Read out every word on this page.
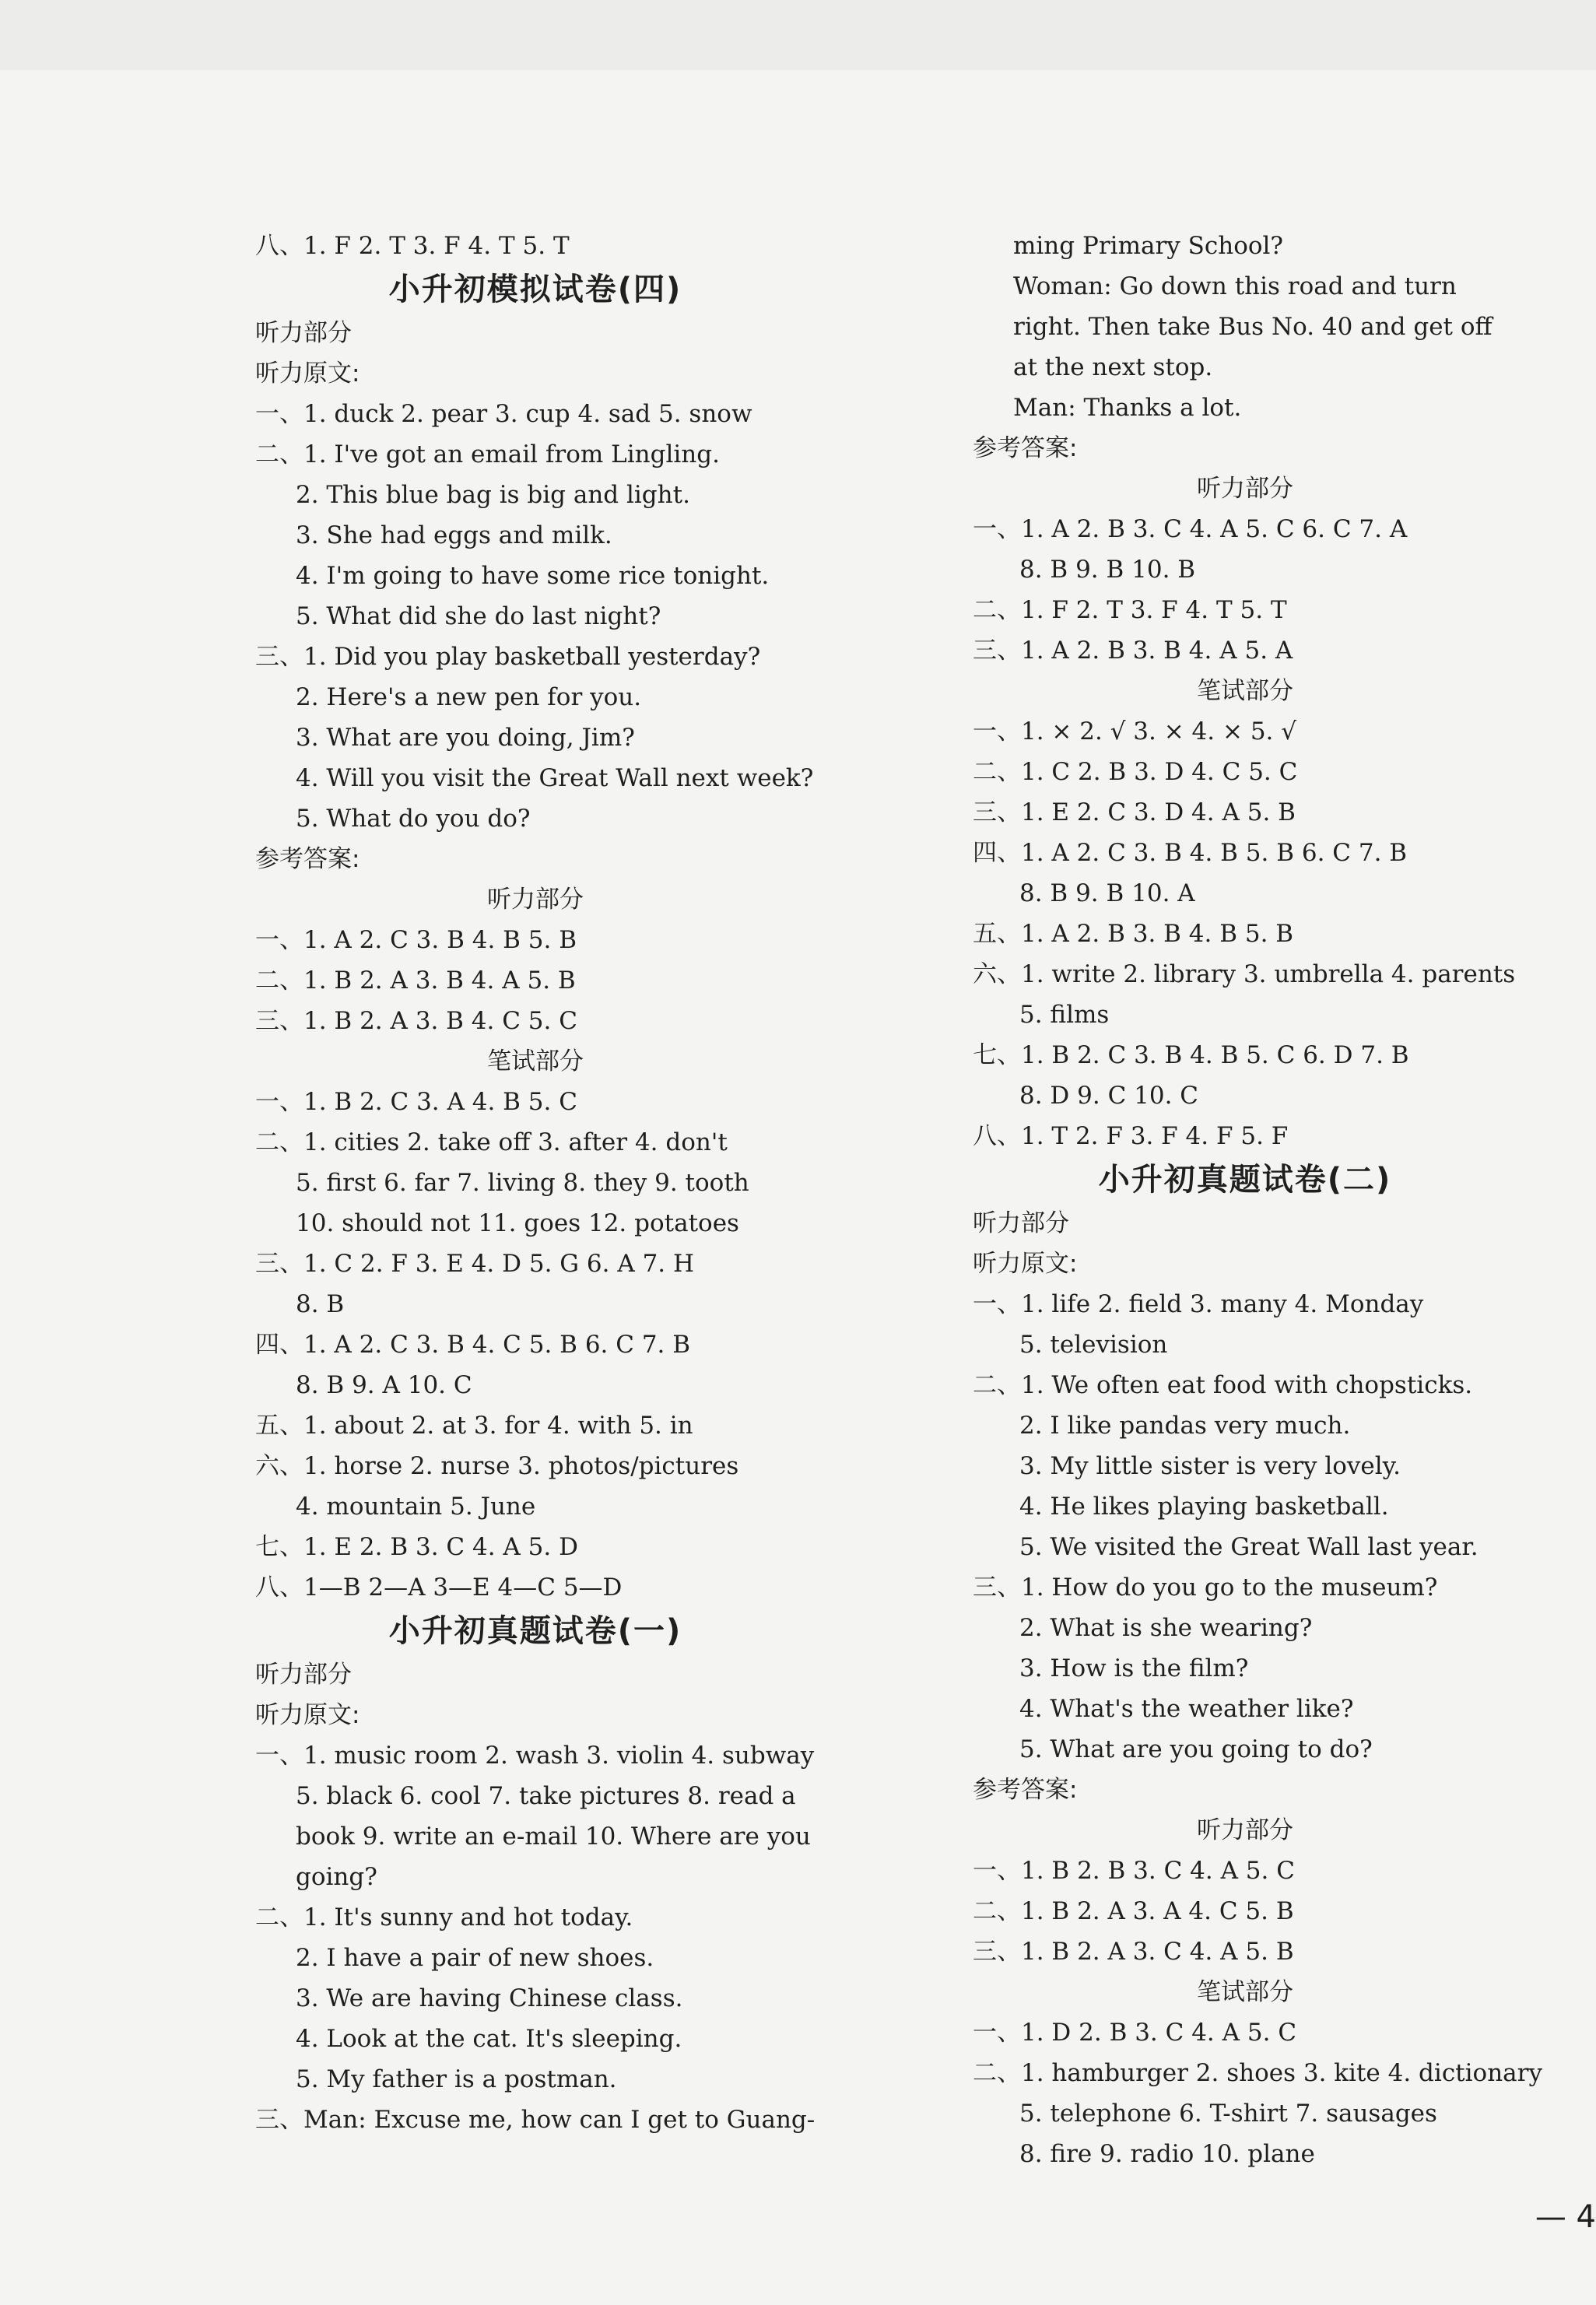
八、1. F 2. T 3. F 4. T 5. T
小升初模拟试卷(四)
听力部分
听力原文:
一、1. duck 2. pear 3. cup 4. sad 5. snow
二、1. I've got an email from Lingling.
2. This blue bag is big and light.
3. She had eggs and milk.
4. I'm going to have some rice tonight.
5. What did she do last night?
三、1. Did you play basketball yesterday?
2. Here's a new pen for you.
3. What are you doing, Jim?
4. Will you visit the Great Wall next week?
5. What do you do?
参考答案:
听力部分
一、1. A 2. C 3. B 4. B 5. B
二、1. B 2. A 3. B 4. A 5. B
三、1. B 2. A 3. B 4. C 5. C
笔试部分
一、1. B 2. C 3. A 4. B 5. C
二、1. cities 2. take off 3. after 4. don't
5. first 6. far 7. living 8. they 9. tooth
10. should not 11. goes 12. potatoes
三、1. C 2. F 3. E 4. D 5. G 6. A 7. H
8. B
四、1. A 2. C 3. B 4. C 5. B 6. C 7. B
8. B 9. A 10. C
五、1. about 2. at 3. for 4. with 5. in
六、1. horse 2. nurse 3. photos/pictures
4. mountain 5. June
七、1. E 2. B 3. C 4. A 5. D
八、1—B 2—A 3—E 4—C 5—D
小升初真题试卷(一)
听力部分
听力原文:
一、1. music room 2. wash 3. violin 4. subway
5. black 6. cool 7. take pictures 8. read a book 9. write an e-mail 10. Where are you going?
二、1. It's sunny and hot today.
2. I have a pair of new shoes.
3. We are having Chinese class.
4. Look at the cat. It's sleeping.
5. My father is a postman.
三、Man: Excuse me, how can I get to Guang-
ming Primary School?
Woman: Go down this road and turn right. Then take Bus No. 40 and get off at the next stop.
Man: Thanks a lot.
参考答案:
听力部分
一、1. A 2. B 3. C 4. A 5. C 6. C 7. A
8. B 9. B 10. B
二、1. F 2. T 3. F 4. T 5. T
三、1. A 2. B 3. B 4. A 5. A
笔试部分
一、1. × 2. √ 3. × 4. × 5. √
二、1. C 2. B 3. D 4. C 5. C
三、1. E 2. C 3. D 4. A 5. B
四、1. A 2. C 3. B 4. B 5. B 6. C 7. B
8. B 9. B 10. A
五、1. A 2. B 3. B 4. B 5. B
六、1. write 2. library 3. umbrella 4. parents
5. films
七、1. B 2. C 3. B 4. B 5. C 6. D 7. B
8. D 9. C 10. C
八、1. T 2. F 3. F 4. F 5. F
小升初真题试卷(二)
听力部分
听力原文:
一、1. life 2. field 3. many 4. Monday
5. television
二、1. We often eat food with chopsticks.
2. I like pandas very much.
3. My little sister is very lovely.
4. He likes playing basketball.
5. We visited the Great Wall last year.
三、1. How do you go to the museum?
2. What is she wearing?
3. How is the film?
4. What's the weather like?
5. What are you going to do?
参考答案:
听力部分
一、1. B 2. B 3. C 4. A 5. C
二、1. B 2. A 3. A 4. C 5. B
三、1. B 2. A 3. C 4. A 5. B
笔试部分
一、1. D 2. B 3. C 4. A 5. C
二、1. hamburger 2. shoes 3. kite 4. dictionary
5. telephone 6. T-shirt 7. sausages
8. fire 9. radio 10. plane
— 4
